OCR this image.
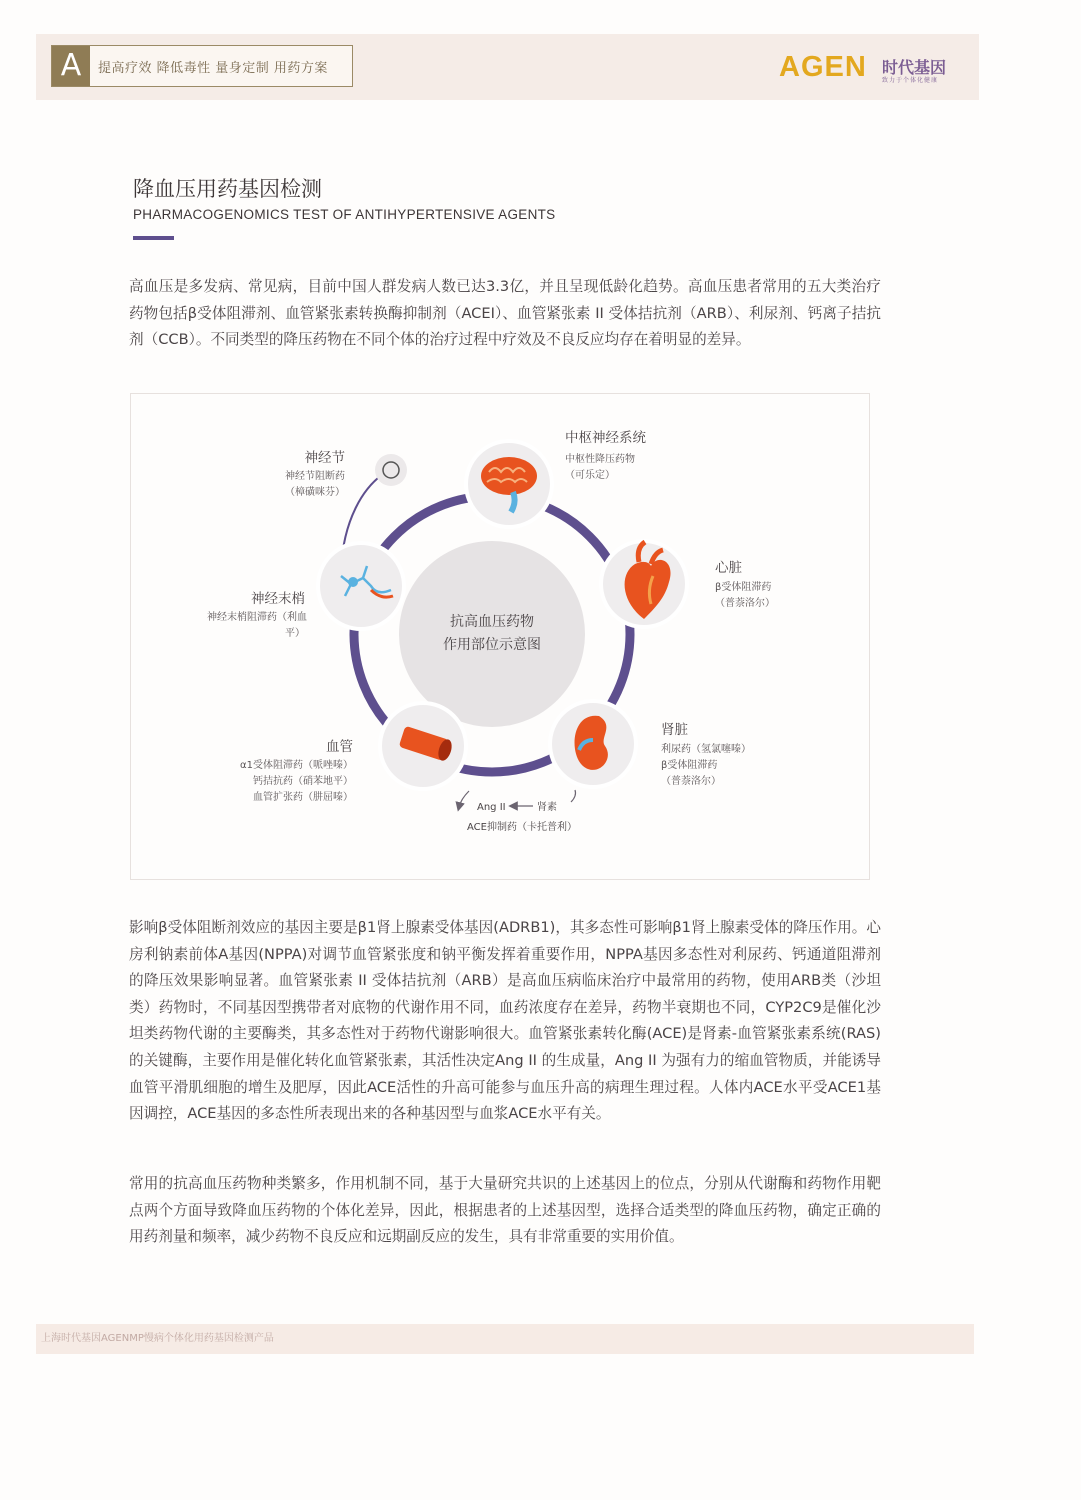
A	提高疗效 降低毒性 量身定制 用药方案	AGEN 时代基因
致力于个体化健康
降血压用药基因检测
PHARMACOGENOMICS TEST OF ANTIHYPERTENSIVE AGENTS
高血压是多发病、常见病，目前中国人群发病人数已达3.3亿，并且呈现低龄化趋势。高血压患者常用的五大类治疗药物包括β受体阻滞剂、血管紧张素转换酶抑制剂（ACEI）、血管紧张素 II 受体拮抗剂（ARB）、利尿剂、钙离子拮抗剂（CCB）。不同类型的降压药物在不同个体的治疗过程中疗效及不良反应均存在着明显的差异。
抗高血压药物
作用部位示意图
中枢神经系统
中枢性降压药物
（可乐定）
心脏
β受体阻滞药
（普萘洛尔）
肾脏
利尿药（氢氯噻嗪）
β受体阻滞药
（普萘洛尔）
血管
α1受体阻滞药（哌唑嗪）
钙拮抗药（硝苯地平）
血管扩张药（肼屈嗪）
神经末梢
神经末梢阻滞药（利血
平）
神经节
神经节阻断药
（樟磺咪芬）
Ang II	肾素
ACE抑制药（卡托普利）
影响β受体阻断剂效应的基因主要是β1肾上腺素受体基因(ADRB1)，其多态性可影响β1肾上腺素受体的降压作用。心房利钠素前体A基因(NPPA)对调节血管紧张度和钠平衡发挥着重要作用，NPPA基因多态性对利尿药、钙通道阻滞剂的降压效果影响显著。血管紧张素 II 受体拮抗剂（ARB）是高血压病临床治疗中最常用的药物，使用ARB类（沙坦类）药物时，不同基因型携带者对底物的代谢作用不同，血药浓度存在差异，药物半衰期也不同，CYP2C9是催化沙坦类药物代谢的主要酶类，其多态性对于药物代谢影响很大。血管紧张素转化酶(ACE)是肾素-血管紧张素系统(RAS)的关键酶，主要作用是催化转化血管紧张素，其活性决定Ang II 的生成量，Ang II 为强有力的缩血管物质，并能诱导血管平滑肌细胞的增生及肥厚，因此ACE活性的升高可能参与血压升高的病理生理过程。人体内ACE水平受ACE1基因调控，ACE基因的多态性所表现出来的各种基因型与血浆ACE水平有关。
常用的抗高血压药物种类繁多，作用机制不同，基于大量研究共识的上述基因上的位点，分别从代谢酶和药物作用靶点两个方面导致降血压药物的个体化差异，因此，根据患者的上述基因型，选择合适类型的降血压药物，确定正确的用药剂量和频率，减少药物不良反应和远期副反应的发生，具有非常重要的实用价值。
上海时代基因AGENMP慢病个体化用药基因检测产品
